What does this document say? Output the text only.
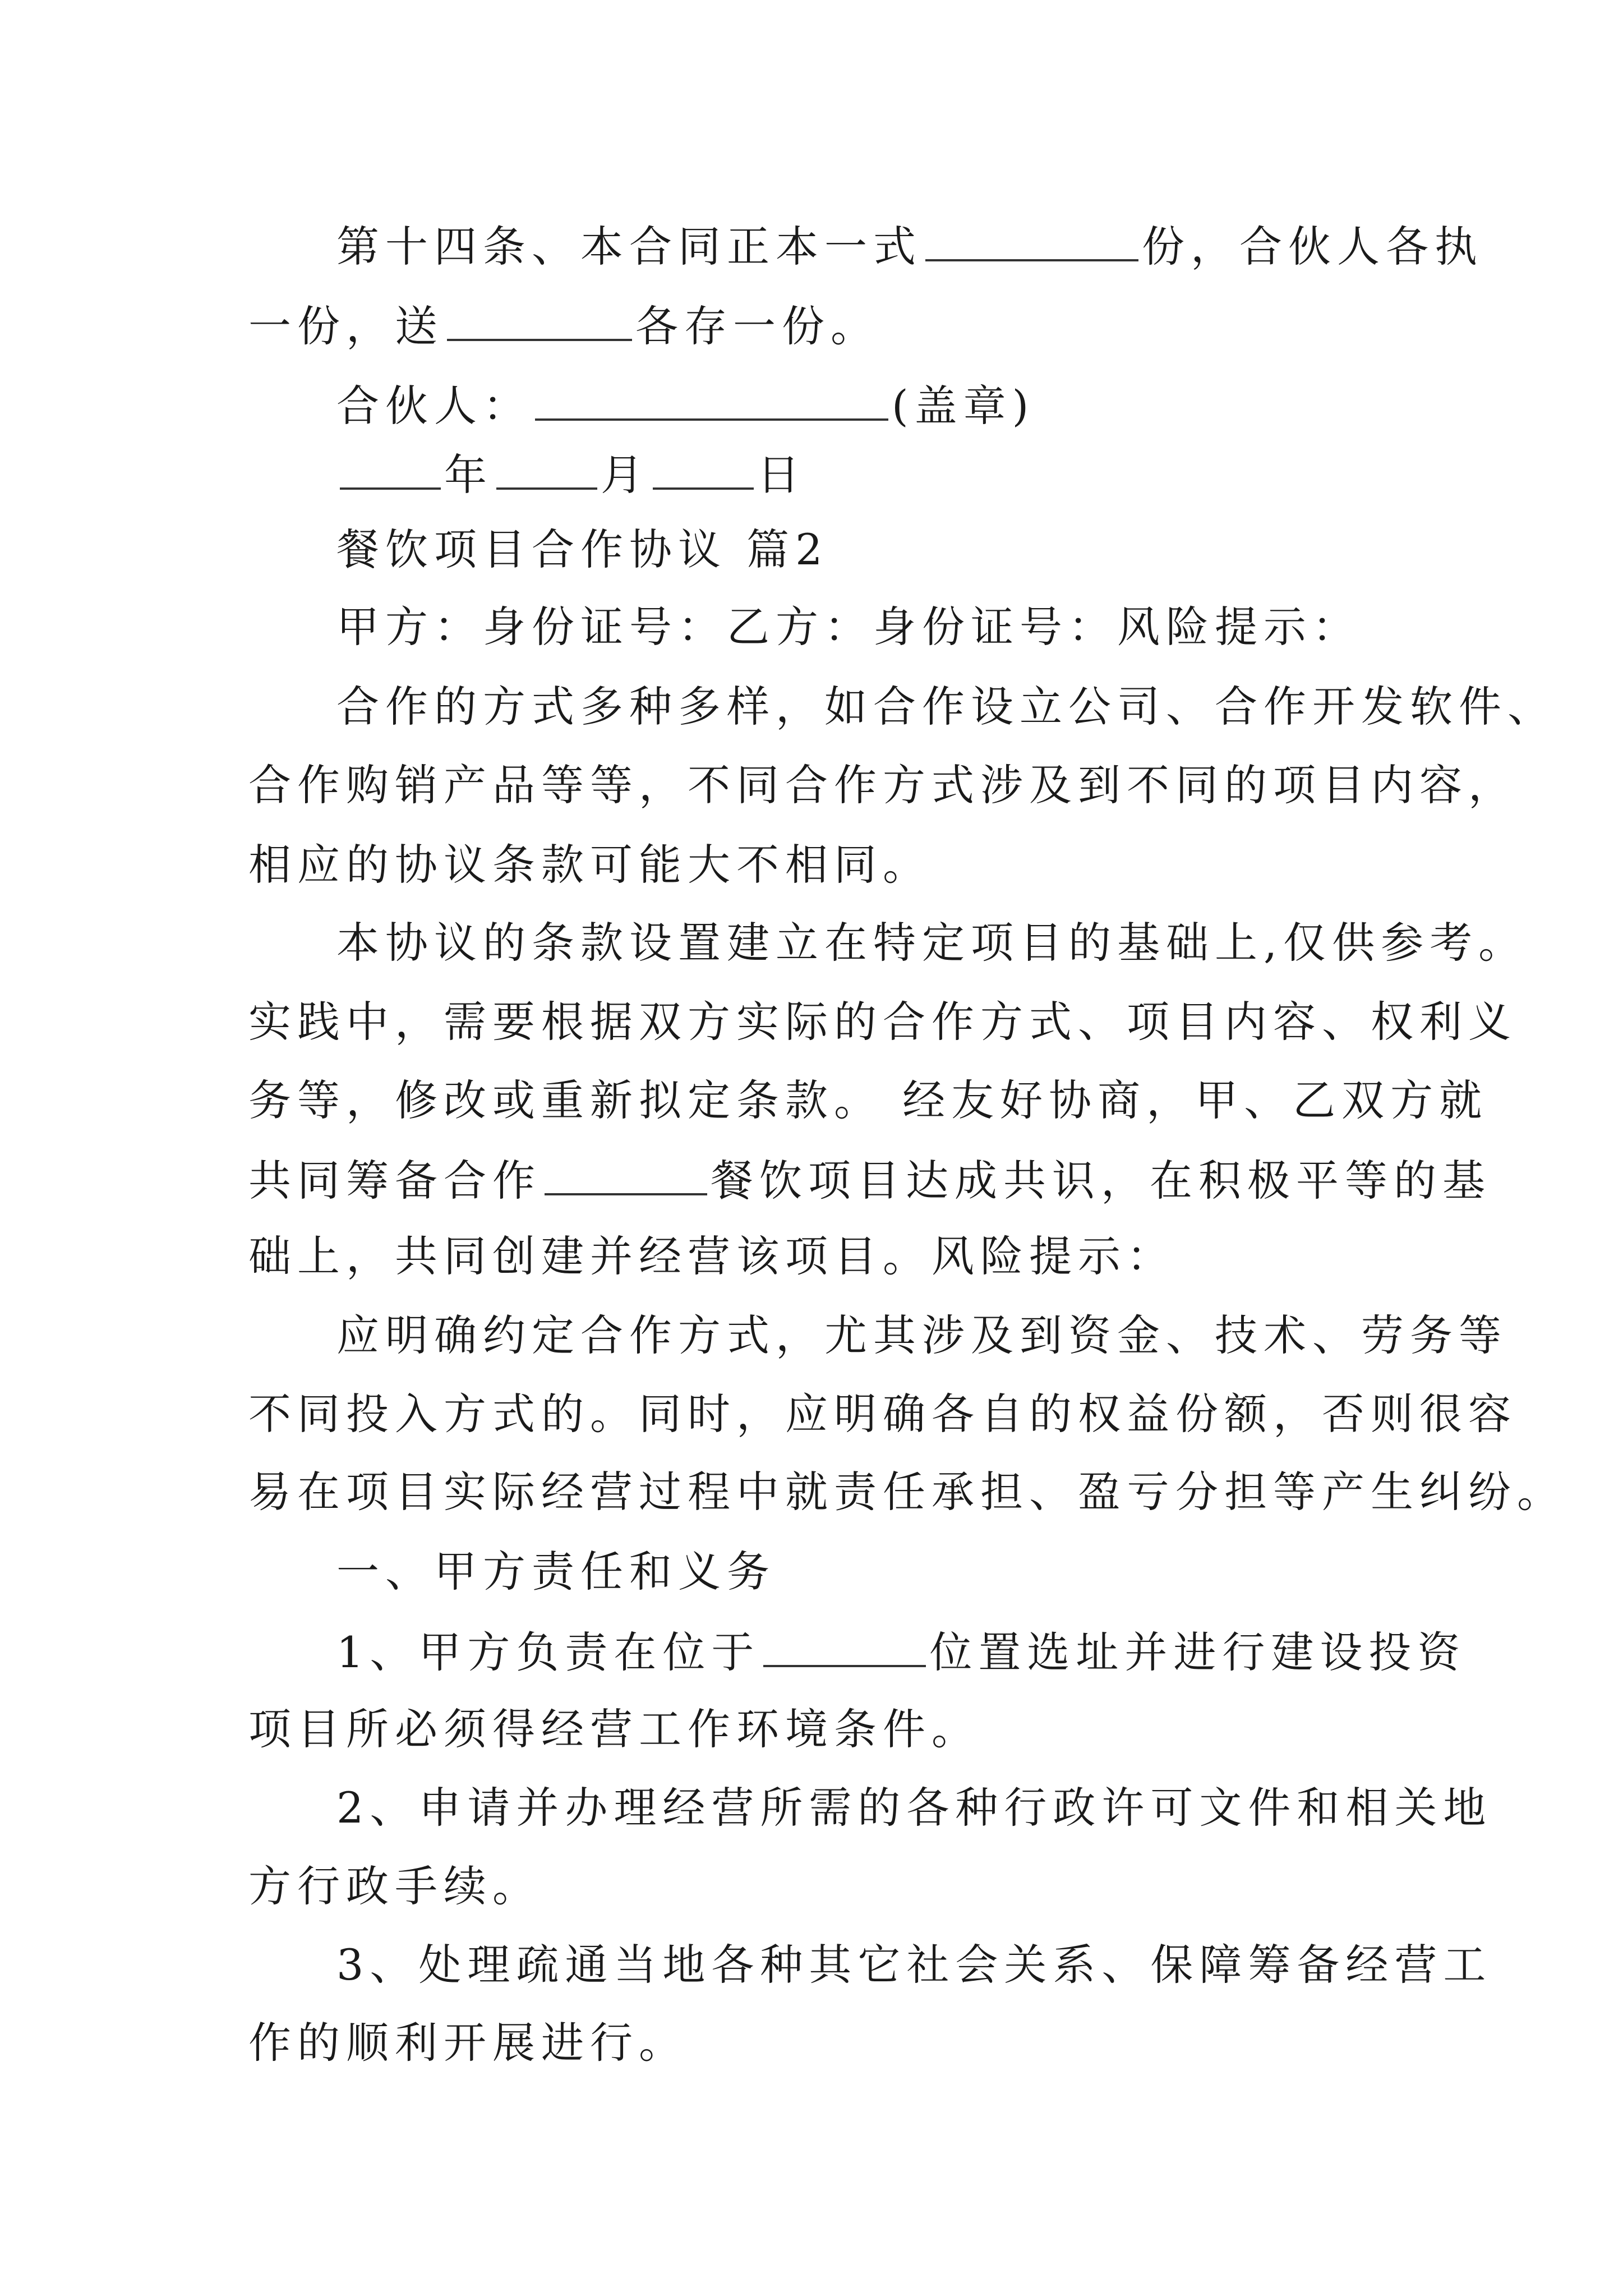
第十四条、本合同正本一式	份，合伙人各执
一份，送	各存一份。
合伙人：	(盖章)
年	月	日
餐饮项目合作协议 篇2
甲方：身份证号：乙方：身份证号：风险提示：
合作的方式多种多样，如合作设立公司、合作开发软件、
合作购销产品等等，不同合作方式涉及到不同的项目内容，
相应的协议条款可能大不相同。
本协议的条款设置建立在特定项目的基础上,仅供参考。
实践中，需要根据双方实际的合作方式、项目内容、权利义
务等，修改或重新拟定条款。 经友好协商，甲、乙双方就
共同筹备合作	餐饮项目达成共识，在积极平等的基
础上，共同创建并经营该项目。风险提示：
应明确约定合作方式，尤其涉及到资金、技术、劳务等
不同投入方式的。同时，应明确各自的权益份额，否则很容
易在项目实际经营过程中就责任承担、盈亏分担等产生纠纷。
一、甲方责任和义务
1、甲方负责在位于	位置选址并进行建设投资
项目所必须得经营工作环境条件。
2、申请并办理经营所需的各种行政许可文件和相关地
方行政手续。
3、处理疏通当地各种其它社会关系、保障筹备经营工
作的顺利开展进行。
